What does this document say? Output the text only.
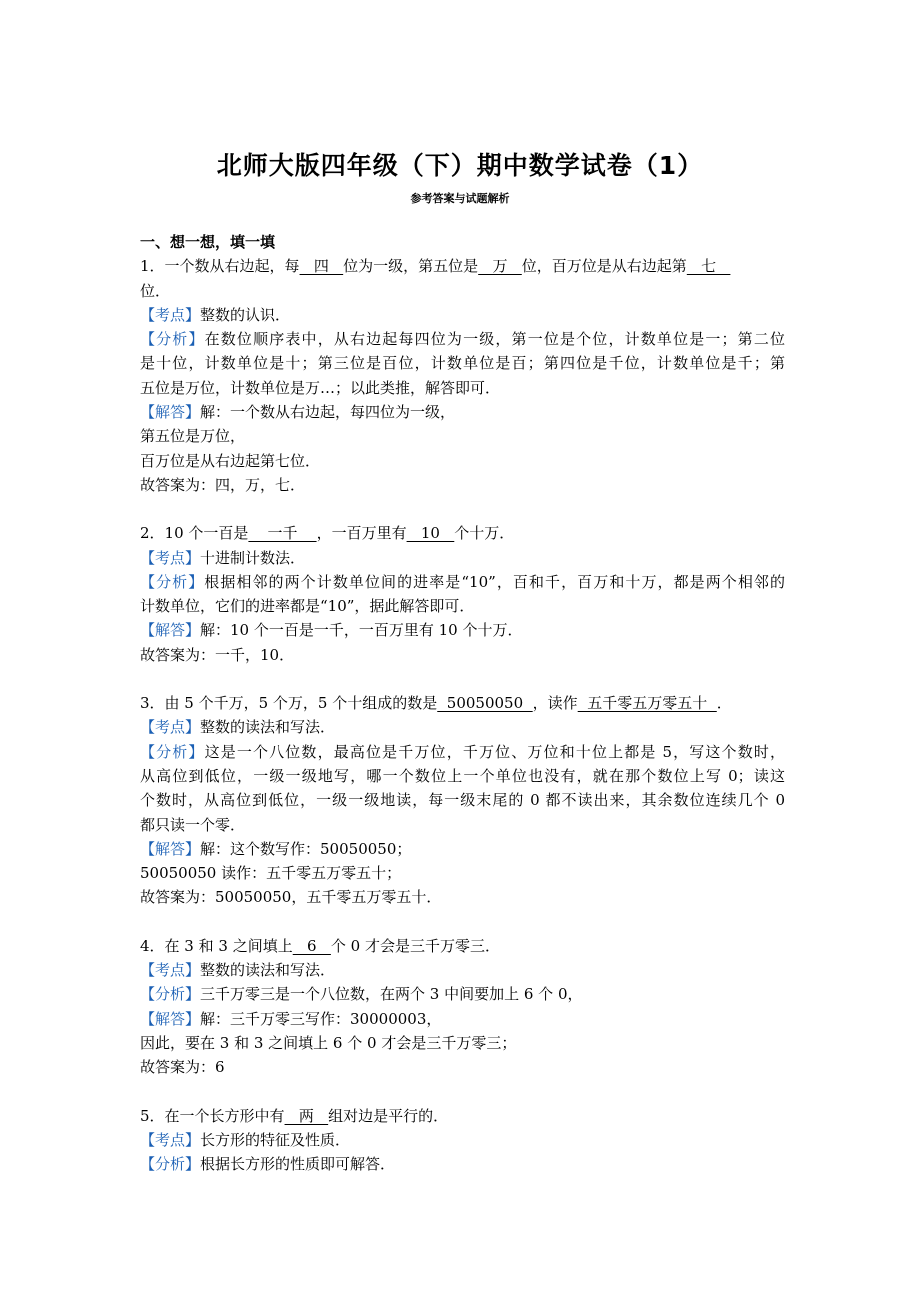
北师大版四年级（下）期中数学试卷（1）
参考答案与试题解析
一、想一想，填一填
1．一个数从右边起，每   四   位为一级，第五位是   万   位，百万位是从右边起第   七
位．
【考点】整数的认识．
【分析】在数位顺序表中，从右边起每四位为一级，第一位是个位，计数单位是一；第二位
是十位，计数单位是十；第三位是百位，计数单位是百；第四位是千位，计数单位是千；第
五位是万位，计数单位是万…；以此类推，解答即可．
【解答】解：一个数从右边起，每四位为一级，
第五位是万位，
百万位是从右边起第七位．
故答案为：四，万，七．
2．10 个一百是    一千    ，一百万里有   10   个十万．
【考点】十进制计数法．
【分析】根据相邻的两个计数单位间的进率是“10”，百和千，百万和十万，都是两个相邻的
计数单位，它们的进率都是“10”，据此解答即可．
【解答】解：10 个一百是一千，一百万里有 10 个十万．
故答案为：一千，10．
3．由 5 个千万，5 个万，5 个十组成的数是  50050050  ，读作  五千零五万零五十  ．
【考点】整数的读法和写法．
【分析】这是一个八位数，最高位是千万位，千万位、万位和十位上都是 5，写这个数时，
从高位到低位，一级一级地写，哪一个数位上一个单位也没有，就在那个数位上写 0；读这
个数时，从高位到低位，一级一级地读，每一级末尾的 0 都不读出来，其余数位连续几个 0
都只读一个零．
【解答】解：这个数写作：50050050；
50050050 读作：五千零五万零五十；
故答案为：50050050，五千零五万零五十．
4．在 3 和 3 之间填上   6   个 0 才会是三千万零三．
【考点】整数的读法和写法．
【分析】三千万零三是一个八位数，在两个 3 中间要加上 6 个 0，
【解答】解：三千万零三写作：30000003，
因此，要在 3 和 3 之间填上 6 个 0 才会是三千万零三；
故答案为：6
5．在一个长方形中有   两   组对边是平行的．
【考点】长方形的特征及性质．
【分析】根据长方形的性质即可解答．
